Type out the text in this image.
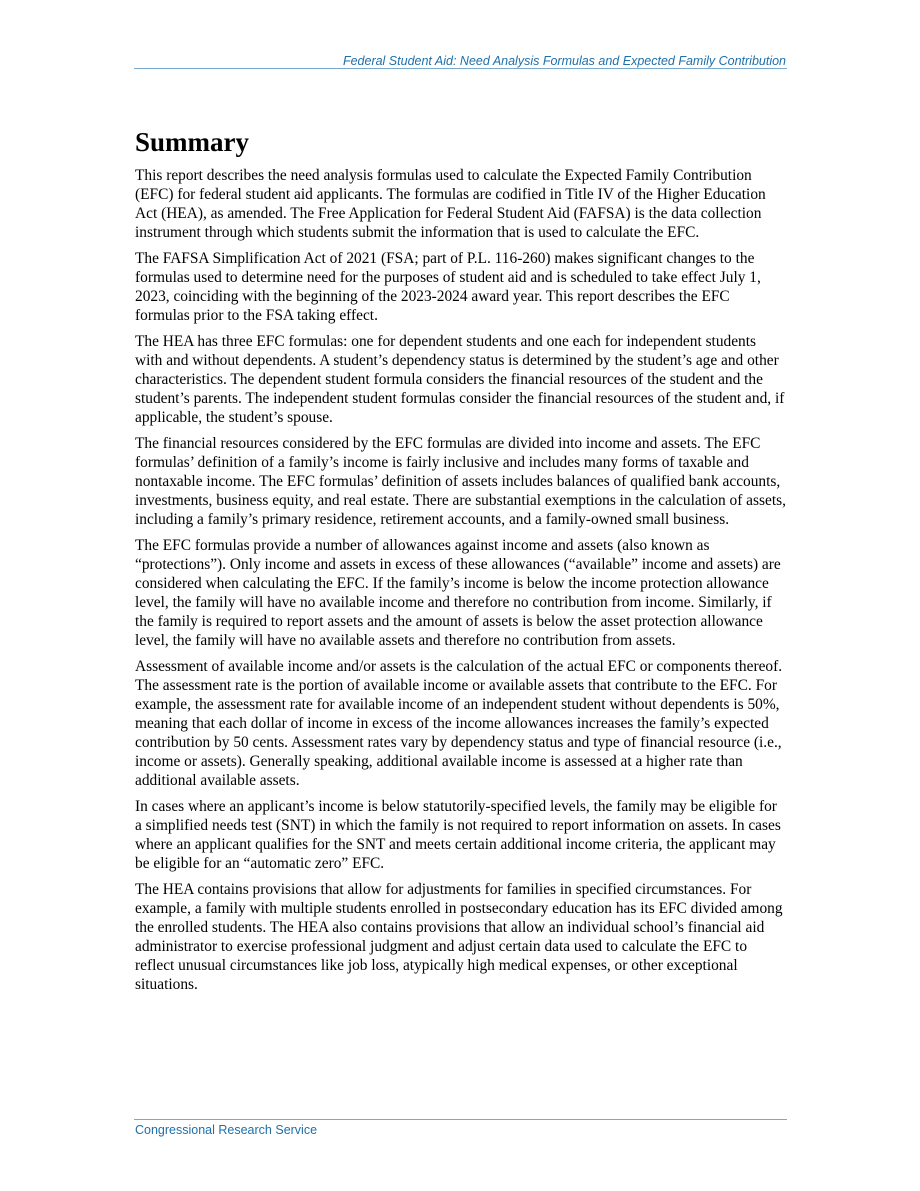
Federal Student Aid: Need Analysis Formulas and Expected Family Contribution
Summary

This report describes the need analysis formulas used to calculate the Expected Family Contribution (EFC) for federal student aid applicants. The formulas are codified in Title IV of the Higher Education Act (HEA), as amended. The Free Application for Federal Student Aid (FAFSA) is the data collection instrument through which students submit the information that is used to calculate the EFC.

The FAFSA Simplification Act of 2021 (FSA; part of P.L. 116-260) makes significant changes to the formulas used to determine need for the purposes of student aid and is scheduled to take effect July 1, 2023, coinciding with the beginning of the 2023-2024 award year. This report describes the EFC formulas prior to the FSA taking effect.

The HEA has three EFC formulas: one for dependent students and one each for independent students with and without dependents. A student’s dependency status is determined by the student’s age and other characteristics. The dependent student formula considers the financial resources of the student and the student’s parents. The independent student formulas consider the financial resources of the student and, if applicable, the student’s spouse.

The financial resources considered by the EFC formulas are divided into income and assets. The EFC formulas’ definition of a family’s income is fairly inclusive and includes many forms of taxable and nontaxable income. The EFC formulas’ definition of assets includes balances of qualified bank accounts, investments, business equity, and real estate. There are substantial exemptions in the calculation of assets, including a family’s primary residence, retirement accounts, and a family-owned small business.

The EFC formulas provide a number of allowances against income and assets (also known as “protections”). Only income and assets in excess of these allowances (“available” income and assets) are considered when calculating the EFC. If the family’s income is below the income protection allowance level, the family will have no available income and therefore no contribution from income. Similarly, if the family is required to report assets and the amount of assets is below the asset protection allowance level, the family will have no available assets and therefore no contribution from assets.

Assessment of available income and/or assets is the calculation of the actual EFC or components thereof. The assessment rate is the portion of available income or available assets that contribute to the EFC. For example, the assessment rate for available income of an independent student without dependents is 50%, meaning that each dollar of income in excess of the income allowances increases the family’s expected contribution by 50 cents. Assessment rates vary by dependency status and type of financial resource (i.e., income or assets). Generally speaking, additional available income is assessed at a higher rate than additional available assets.

In cases where an applicant’s income is below statutorily-specified levels, the family may be eligible for a simplified needs test (SNT) in which the family is not required to report information on assets. In cases where an applicant qualifies for the SNT and meets certain additional income criteria, the applicant may be eligible for an “automatic zero” EFC.

The HEA contains provisions that allow for adjustments for families in specified circumstances. For example, a family with multiple students enrolled in postsecondary education has its EFC divided among the enrolled students. The HEA also contains provisions that allow an individual school’s financial aid administrator to exercise professional judgment and adjust certain data used to calculate the EFC to reflect unusual circumstances like job loss, atypically high medical expenses, or other exceptional situations.

Congressional Research Service
